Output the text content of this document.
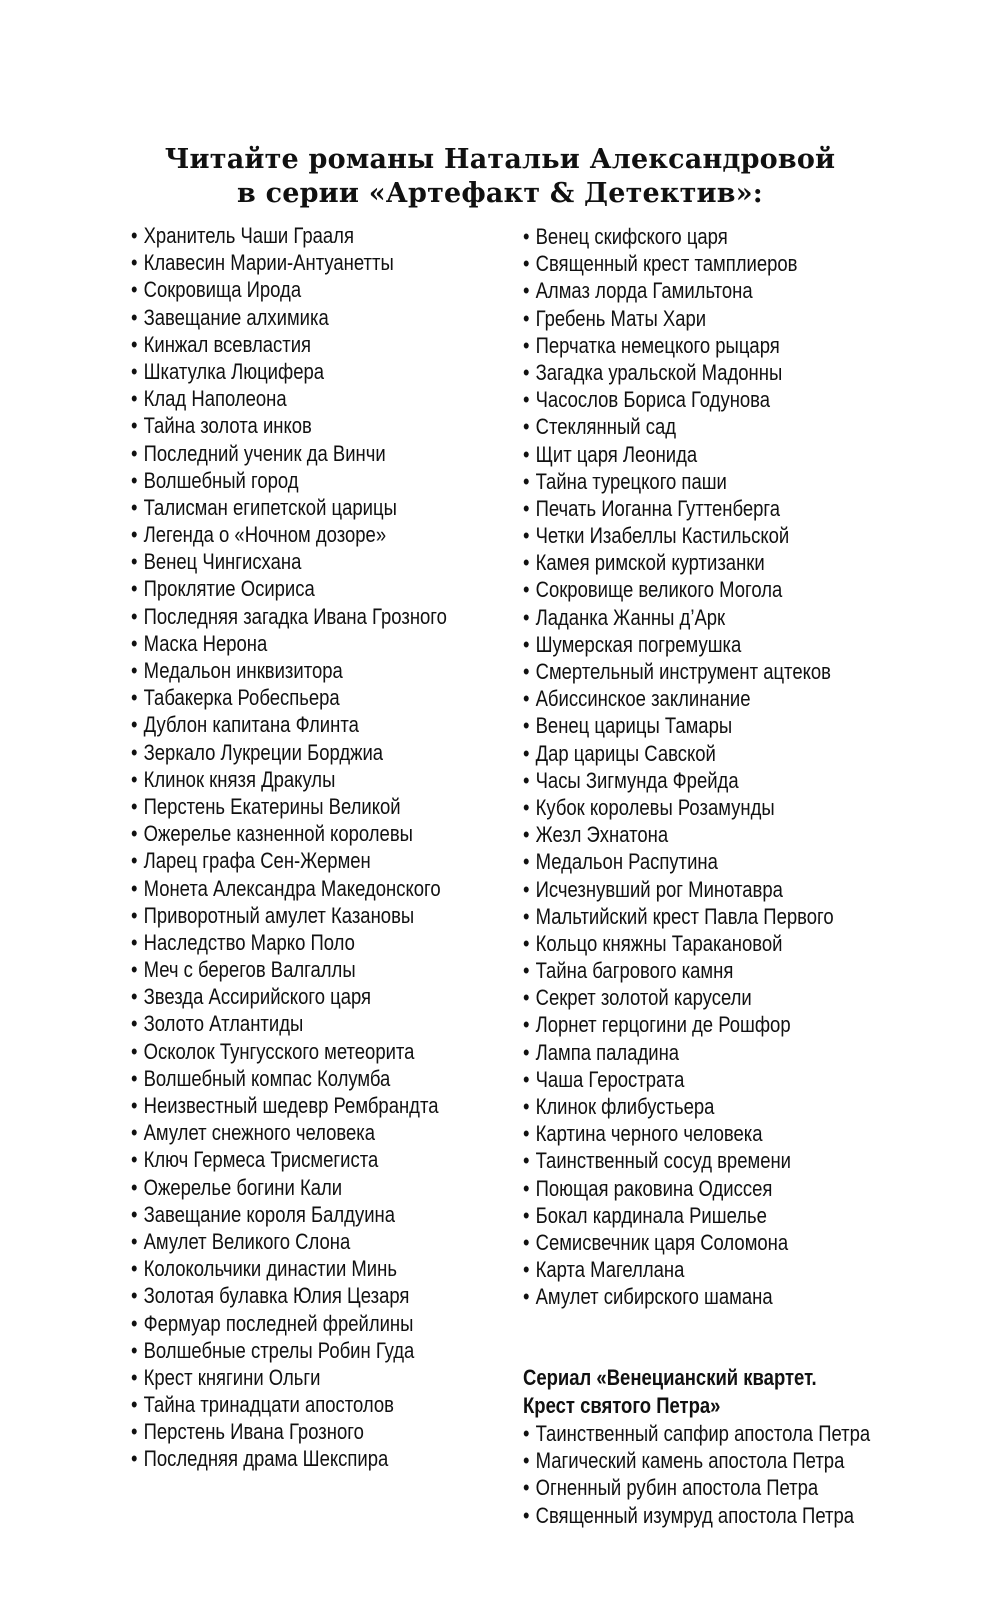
Читайте романы Натальи Александровой
в серии «Артефакт & Детектив»:
• Хранитель Чаши Грааля
• Клавесин Марии-Антуанетты
• Сокровища Ирода
• Завещание алхимика
• Кинжал всевластия
• Шкатулка Люцифера
• Клад Наполеона
• Тайна золота инков
• Последний ученик да Винчи
• Волшебный город
• Талисман египетской царицы
• Легенда о «Ночном дозоре»
• Венец Чингисхана
• Проклятие Осириса
• Последняя загадка Ивана Грозного
• Маска Нерона
• Медальон инквизитора
• Табакерка Робеспьера
• Дублон капитана Флинта
• Зеркало Лукреции Борджиа
• Клинок князя Дракулы
• Перстень Екатерины Великой
• Ожерелье казненной королевы
• Ларец графа Сен-Жермен
• Монета Александра Македонского
• Приворотный амулет Казановы
• Наследство Марко Поло
• Меч с берегов Валгаллы
• Звезда Ассирийского царя
• Золото Атлантиды
• Осколок Тунгусского метеорита
• Волшебный компас Колумба
• Неизвестный шедевр Рембрандта
• Амулет снежного человека
• Ключ Гермеса Трисмегиста
• Ожерелье богини Кали
• Завещание короля Балдуина
• Амулет Великого Слона
• Колокольчики династии Минь
• Золотая булавка Юлия Цезаря
• Фермуар последней фрейлины
• Волшебные стрелы Робин Гуда
• Крест княгини Ольги
• Тайна тринадцати апостолов
• Перстень Ивана Грозного
• Последняя драма Шекспира
• Венец скифского царя
• Священный крест тамплиеров
• Алмаз лорда Гамильтона
• Гребень Маты Хари
• Перчатка немецкого рыцаря
• Загадка уральской Мадонны
• Часослов Бориса Годунова
• Стеклянный сад
• Щит царя Леонида
• Тайна турецкого паши
• Печать Иоганна Гуттенберга
• Четки Изабеллы Кастильской
• Камея римской куртизанки
• Сокровище великого Могола
• Ладанка Жанны д’Арк
• Шумерская погремушка
• Смертельный инструмент ацтеков
• Абиссинское заклинание
• Венец царицы Тамары
• Дар царицы Савской
• Часы Зигмунда Фрейда
• Кубок королевы Розамунды
• Жезл Эхнатона
• Медальон Распутина
• Исчезнувший рог Минотавра
• Мальтийский крест Павла Первого
• Кольцо княжны Таракановой
• Тайна багрового камня
• Секрет золотой карусели
• Лорнет герцогини де Рошфор
• Лампа паладина
• Чаша Герострата
• Клинок флибустьера
• Картина черного человека
• Таинственный сосуд времени
• Поющая раковина Одиссея
• Бокал кардинала Ришелье
• Семисвечник царя Соломона
• Карта Магеллана
• Амулет сибирского шамана
Сериал «Венецианский квартет.
Крест святого Петра»
• Таинственный сапфир апостола Петра
• Магический камень апостола Петра
• Огненный рубин апостола Петра
• Священный изумруд апостола Петра
